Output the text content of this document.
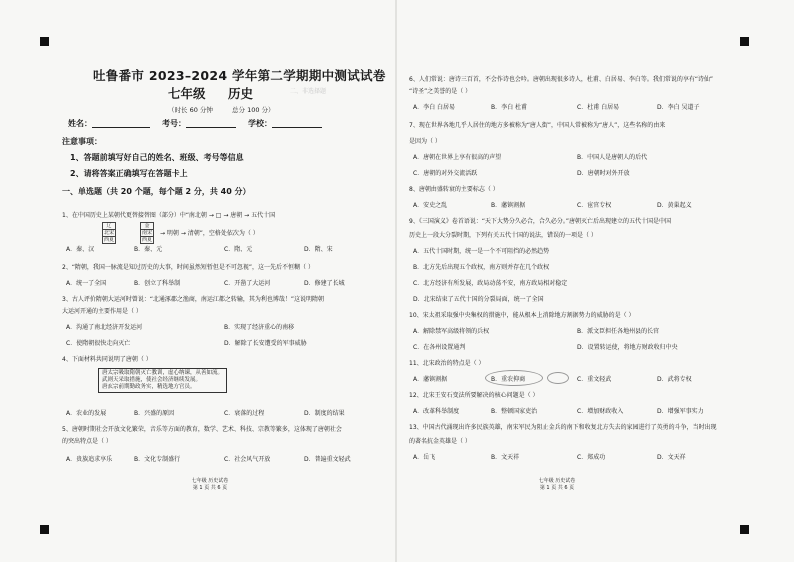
二、非选择题
吐鲁番市 2023–2024 学年第二学期期中测试试卷
七年级 历史
（时长 60 分钟	总分 100 分）
姓名：	考号：	学校：
注意事项：
1、答题前填写好自己的姓名、班级、考号等信息
2、请将答案正确填写在答题卡上
一、单选题（共 20 个题，每个题 2 分，共 40 分）
1、在中国历史上某朝代更替接替图（部分）中“南北朝 → □ → 唐朝 → 五代十国
辽
北宋
西夏
金
南宋
西夏
→ 明朝 → 清朝”，空格处依次为（ ）
A．秦、汉	B．秦、元	C．隋、元	D．隋、宋
2、“隋朝，我国一脉流是知过历史的大事，时间虽然短暂但是不可忽视”，这一先后不恒糊（ ）
A．统一了全国	B．创立了科举制	C．开凿了大运河	D．修建了长城
3、古人评价隋朝大运河时曾说：“北通涿郡之渔商，南运江都之转输，其为利也博哉！”这说明隋朝
大运河开通的主要作用是（ ）
A．沟通了南北经济开发运河	B．实现了经济重心的南移
C．使隋朝很快走向灭亡	D．解除了长安遭受的军事威胁
4、下面材料共同说明了唐朝（ ）
唐太宗吸取隋朝灭亡教训，虚心纳谏，从善如流。
武则天采取措施，使社会经济继续发展。
唐玄宗前期勤政务实，精选地方官员。
A．农业的发展	B．兴盛的原因	C．衰落的过程	D．制度的结果
5、唐朝时期社会开放文化繁荣，音乐等方面的教育，数学、艺术、科技、宗教等繁多，这体现了唐朝社会
的突出特点是（ ）
A．贵族追求享乐	B．文化专制盛行	C．社会风气开放	D．普遍重文轻武
七年级 历史试卷
第 1 页 共 6 页
6、人们常说：唐诗三百首，不会作诗也会吟。唐朝出现很多诗人，杜甫、白居易、李白等。我们常说的享有“诗仙”
“诗圣”之美誉的是（ ）
A．李白 白居易	B．李白 杜甫	C．杜甫 白居易	D．李白 吴道子
7、现在世界各地几乎人居住的地方多被称为“唐人街”，中国人常被称为“唐人”，这些名称的由来
是因为（ ）
A．唐朝在世界上享有很高的声望	B．中国人是唐朝人的后代
C．唐朝的对外交流活跃	D．唐朝时对外开放
8、唐朝由盛转衰的主要标志（ ）
A．安史之乱	B．藩镇割据	C．宦官专权	D．黄巢起义
9、《三国演义》卷首语说：“天下大势分久必合，合久必分。”唐朝灭亡后出现建立的五代十国是中国
历史上一段大分裂时期，下列有关五代十国的说法，错误的一项是（ ）
A．五代十国时期，统一是一个不可阻挡的必然趋势
B．北方先后出现五个政权，南方则并存在几个政权
C．北方经济有所发展，政局动荡不安，南方政局相对稳定
D．北宋结束了五代十国的分裂局面，统一了全国
10、宋太祖采取强中央集权的措施中，能从根本上消除地方割据势力的威胁的是（ ）
A．解除禁军高级将领的兵权	B．派文臣担任各地州县的长官
C．在各州设置通判	D．设置转运使，将地方财政收归中央
11、北宋政治的特点是（ ）
A．藩镇割据	B．重农抑商	C．重文轻武	D．武将专权
12、北宋王安石变法所要解决的核心问题是（ ）
A．改革科举制度	B．整顿国家吏治	C．增加财政收入	D．增强军事实力
13、中国古代涌现出许多民族英雄，南宋军民为阻止金兵的南下和收复北方失去的家园进行了英勇的斗争，当时出现
的著名抗金英雄是（ ）
A．岳飞	B．文天祥	C．郑成功	D．文天祥
七年级 历史试卷
第 1 页 共 6 页
